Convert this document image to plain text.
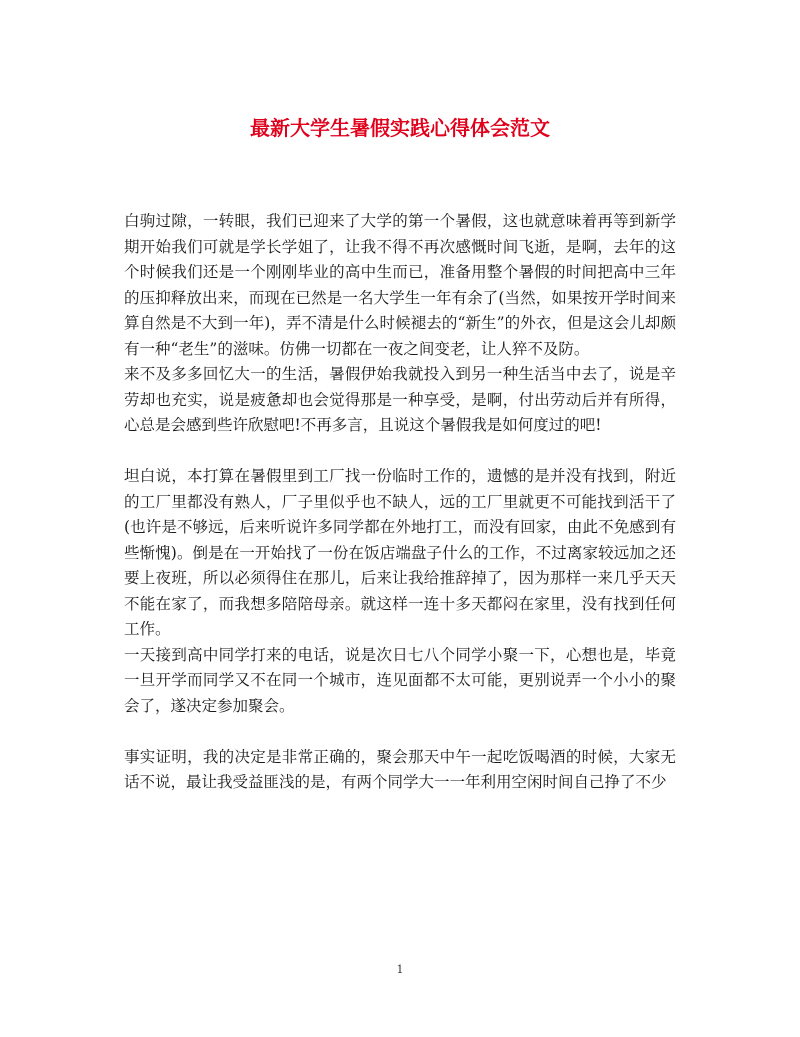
最新大学生暑假实践心得体会范文

白驹过隙，一转眼，我们已迎来了大学的第一个暑假，这也就意味着再等到新学期开始我们可就是学长学姐了，让我不得不再次感慨时间飞逝，是啊，去年的这个时候我们还是一个刚刚毕业的高中生而已，准备用整个暑假的时间把高中三年的压抑释放出来，而现在已然是一名大学生一年有余了(当然，如果按开学时间来算自然是不大到一年)，弄不清是什么时候褪去的“新生”的外衣，但是这会儿却颇有一种“老生”的滋味。仿佛一切都在一夜之间变老，让人猝不及防。

来不及多多回忆大一的生活，暑假伊始我就投入到另一种生活当中去了，说是辛劳却也充实，说是疲惫却也会觉得那是一种享受，是啊，付出劳动后并有所得，心总是会感到些许欣慰吧!不再多言，且说这个暑假我是如何度过的吧!

坦白说，本打算在暑假里到工厂找一份临时工作的，遗憾的是并没有找到，附近的工厂里都没有熟人，厂子里似乎也不缺人，远的工厂里就更不可能找到活干了(也许是不够远，后来听说许多同学都在外地打工，而没有回家，由此不免感到有些惭愧)。倒是在一开始找了一份在饭店端盘子什么的工作，不过离家较远加之还要上夜班，所以必须得住在那儿，后来让我给推辞掉了，因为那样一来几乎天天不能在家了，而我想多陪陪母亲。就这样一连十多天都闷在家里，没有找到任何工作。

一天接到高中同学打来的电话，说是次日七八个同学小聚一下，心想也是，毕竟一旦开学而同学又不在同一个城市，连见面都不太可能，更别说弄一个小小的聚会了，遂决定参加聚会。

事实证明，我的决定是非常正确的，聚会那天中午一起吃饭喝酒的时候，大家无话不说，最让我受益匪浅的是，有两个同学大一一年利用空闲时间自己挣了不少

1
